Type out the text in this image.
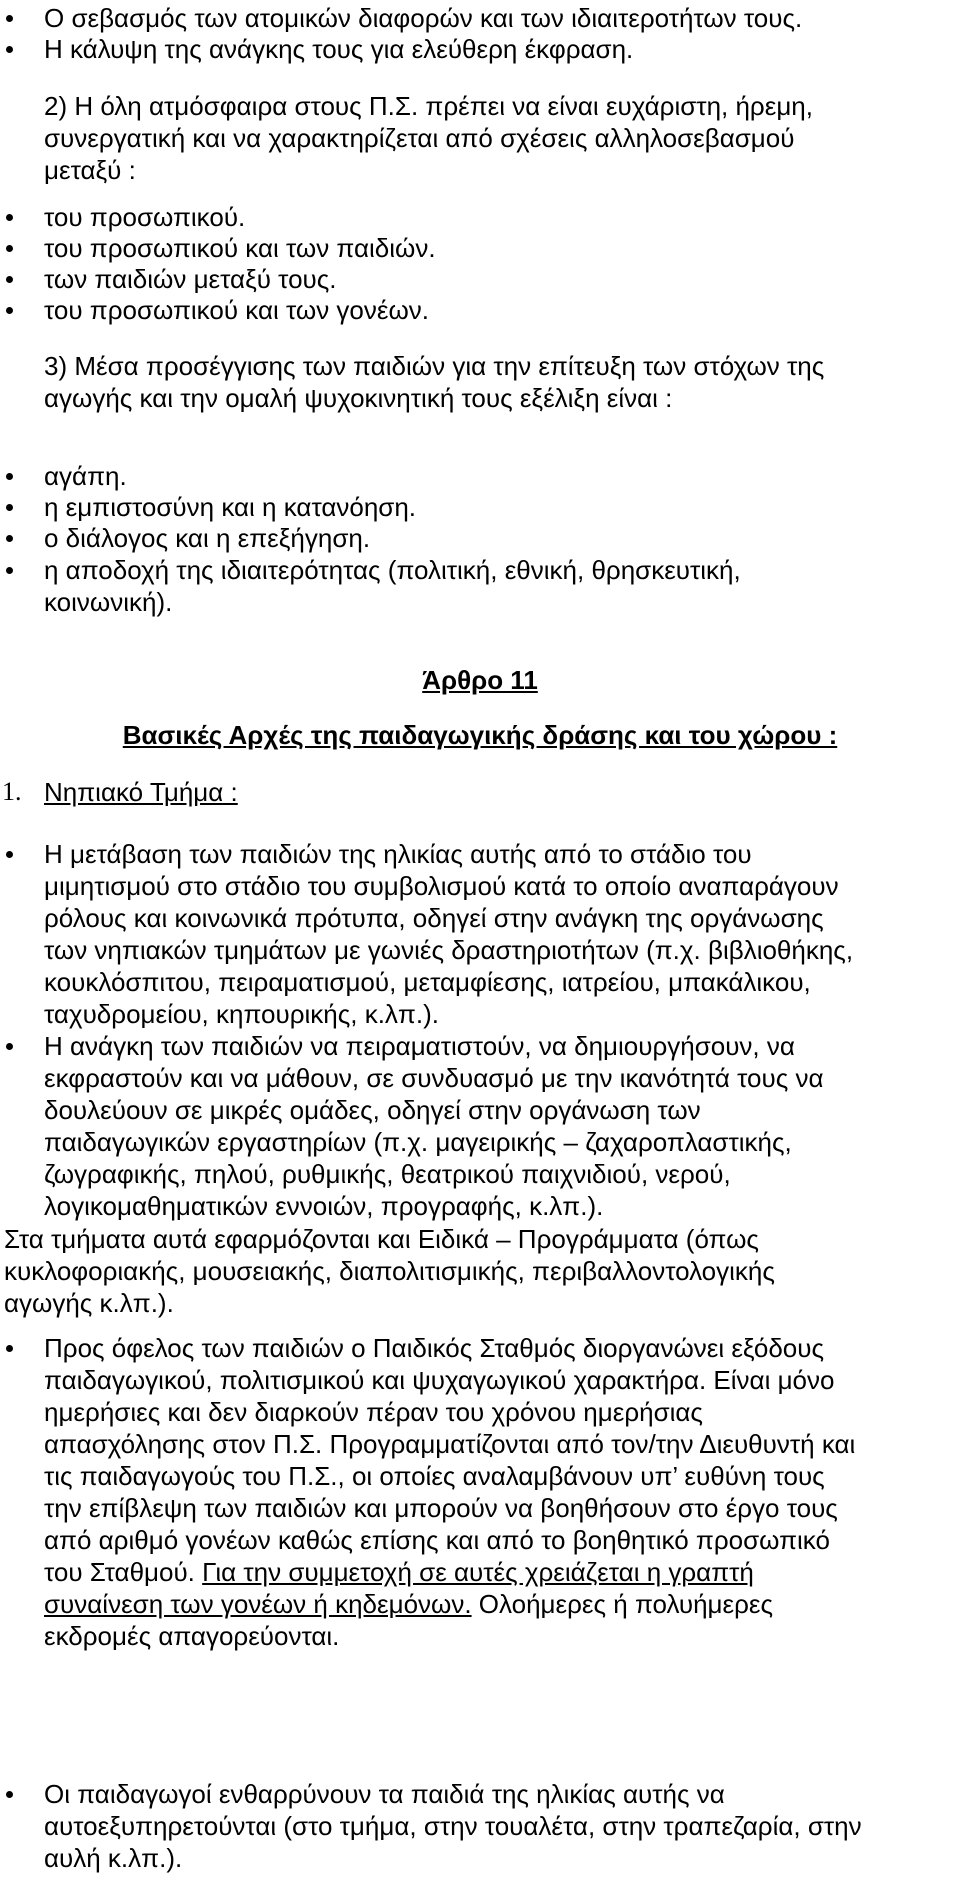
Ο σεβασμός των ατομικών διαφορών και των ιδιαιτεροτήτων τους.
Η κάλυψη της ανάγκης τους για ελεύθερη έκφραση.
2) Η όλη ατμόσφαιρα στους Π.Σ. πρέπει να είναι ευχάριστη, ήρεμη,
συνεργατική και να χαρακτηρίζεται από σχέσεις αλληλοσεβασμού
μεταξύ :
του προσωπικού.
του προσωπικού και των παιδιών.
των παιδιών μεταξύ τους.
του προσωπικού και των γονέων.
3) Μέσα προσέγγισης των παιδιών για την επίτευξη των στόχων της
αγωγής και την ομαλή ψυχοκινητική τους εξέλιξη είναι :
αγάπη.
η εμπιστοσύνη και η κατανόηση.
ο διάλογος και η επεξήγηση.
η αποδοχή της ιδιαιτερότητας (πολιτική, εθνική, θρησκευτική,
κοινωνική).
Άρθρο 11
Βασικές Αρχές της παιδαγωγικής δράσης και του χώρου :
1. Νηπιακό Τμήμα :
Η μετάβαση των παιδιών της ηλικίας αυτής από το στάδιο του
μιμητισμού στο στάδιο του συμβολισμού κατά το οποίο αναπαράγουν
ρόλους και κοινωνικά πρότυπα, οδηγεί στην ανάγκη της οργάνωσης
των νηπιακών τμημάτων με γωνιές δραστηριοτήτων (π.χ. βιβλιοθήκης,
κουκλόσπιτου, πειραματισμού, μεταμφίεσης, ιατρείου, μπακάλικου,
ταχυδρομείου, κηπουρικής, κ.λπ.).
Η ανάγκη των παιδιών να πειραματιστούν, να δημιουργήσουν, να
εκφραστούν και να μάθουν, σε συνδυασμό με την ικανότητά τους να
δουλεύουν σε μικρές ομάδες, οδηγεί στην οργάνωση των
παιδαγωγικών εργαστηρίων (π.χ. μαγειρικής – ζαχαροπλαστικής,
ζωγραφικής, πηλού, ρυθμικής, θεατρικού παιχνιδιού, νερού,
λογικομαθηματικών εννοιών, προγραφής, κ.λπ.).
Στα τμήματα αυτά εφαρμόζονται και Ειδικά – Προγράμματα (όπως
κυκλοφοριακής, μουσειακής, διαπολιτισμικής, περιβαλλοντολογικής
αγωγής κ.λπ.).
Προς όφελος των παιδιών ο Παιδικός Σταθμός διοργανώνει εξόδους
παιδαγωγικού, πολιτισμικού και ψυχαγωγικού χαρακτήρα. Είναι μόνο
ημερήσιες και δεν διαρκούν πέραν του χρόνου ημερήσιας
απασχόλησης στον Π.Σ. Προγραμματίζονται από τον/την Διευθυντή και
τις παιδαγωγούς του Π.Σ., οι οποίες αναλαμβάνουν υπ’ ευθύνη τους
την επίβλεψη των παιδιών και μπορούν να βοηθήσουν στο έργο τους
από αριθμό γονέων καθώς επίσης και από το βοηθητικό προσωπικό
του Σταθμού. Για την συμμετοχή σε αυτές χρειάζεται η γραπτή
συναίνεση των γονέων ή κηδεμόνων. Ολοήμερες ή πολυήμερες
εκδρομές απαγορεύονται.
Οι παιδαγωγοί ενθαρρύνουν τα παιδιά της ηλικίας αυτής να
αυτοεξυπηρετούνται (στο τμήμα, στην τουαλέτα, στην τραπεζαρία, στην
αυλή κ.λπ.).
